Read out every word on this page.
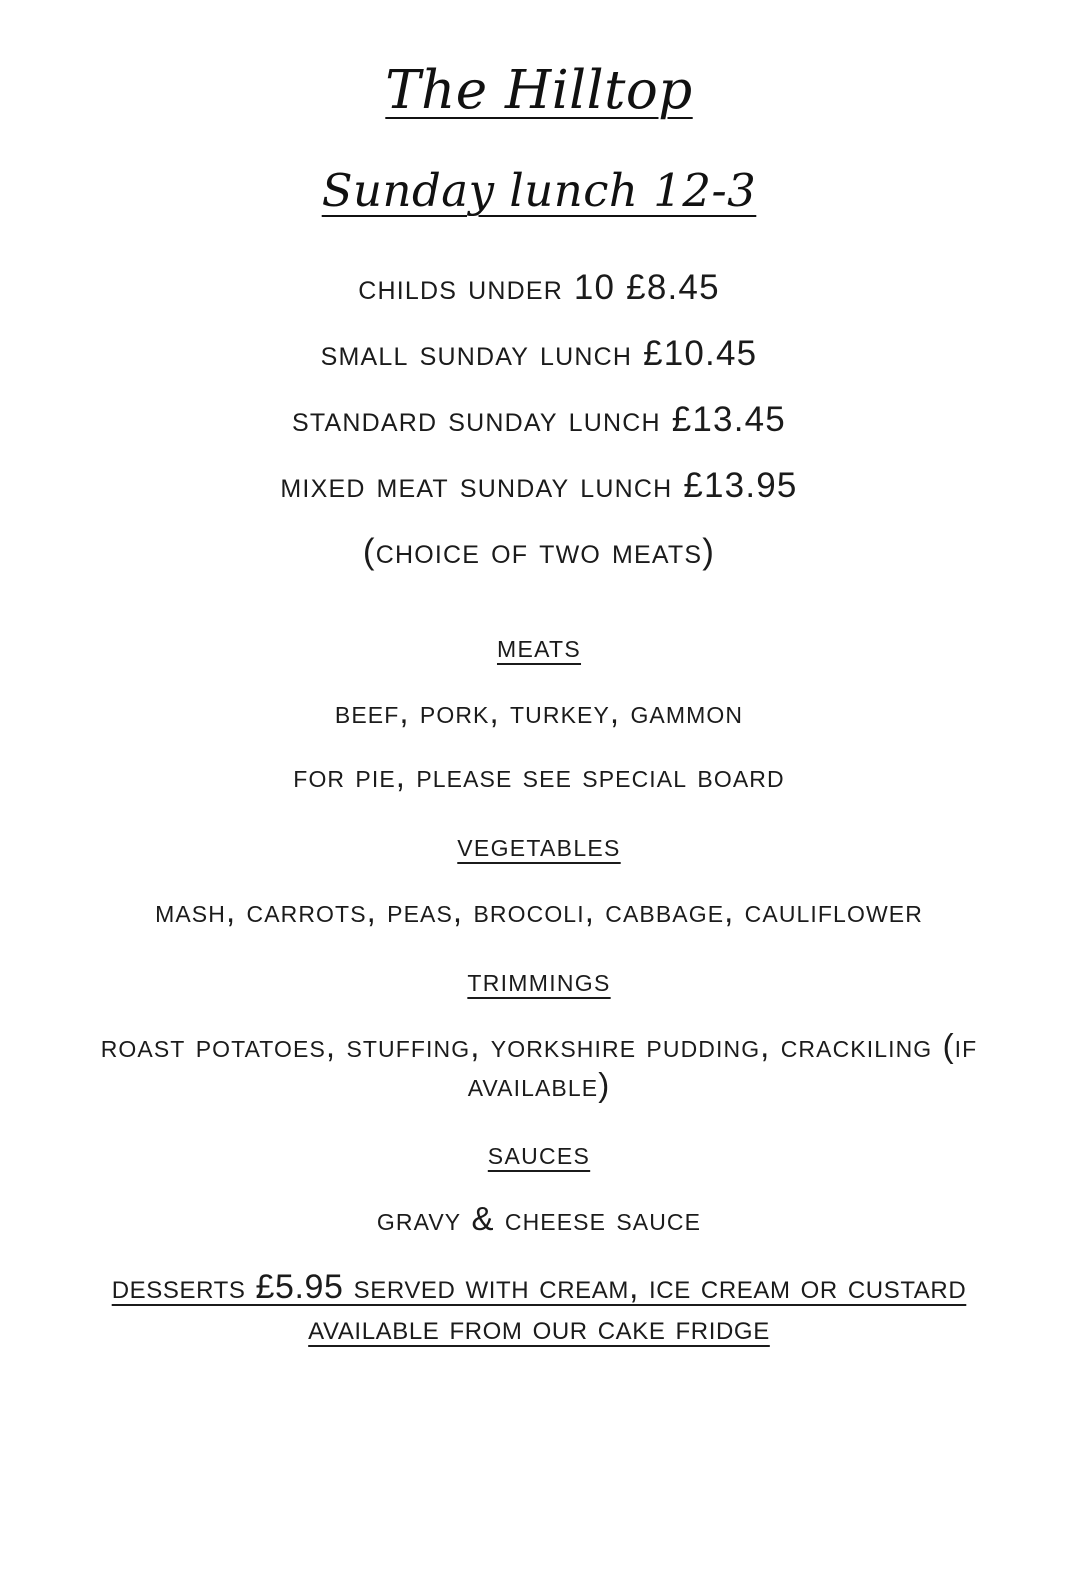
The Hilltop
Sunday lunch 12-3
childs under 10 £8.45
small sunday lunch £10.45
standard sunday lunch £13.45
mixed meat sunday lunch £13.95
(choice of two meats)
meats
beef, pork, turkey, gammon
for pie, please see special board
vegetables
mash, carrots, peas, brocoli, cabbage, cauliflower
trimmings
roast potatoes, stuffing, yorkshire pudding, crackiling (if available)
sauces
gravy & cheese sauce
desserts £5.95 served with cream, ice cream or custard available from our cake fridge
